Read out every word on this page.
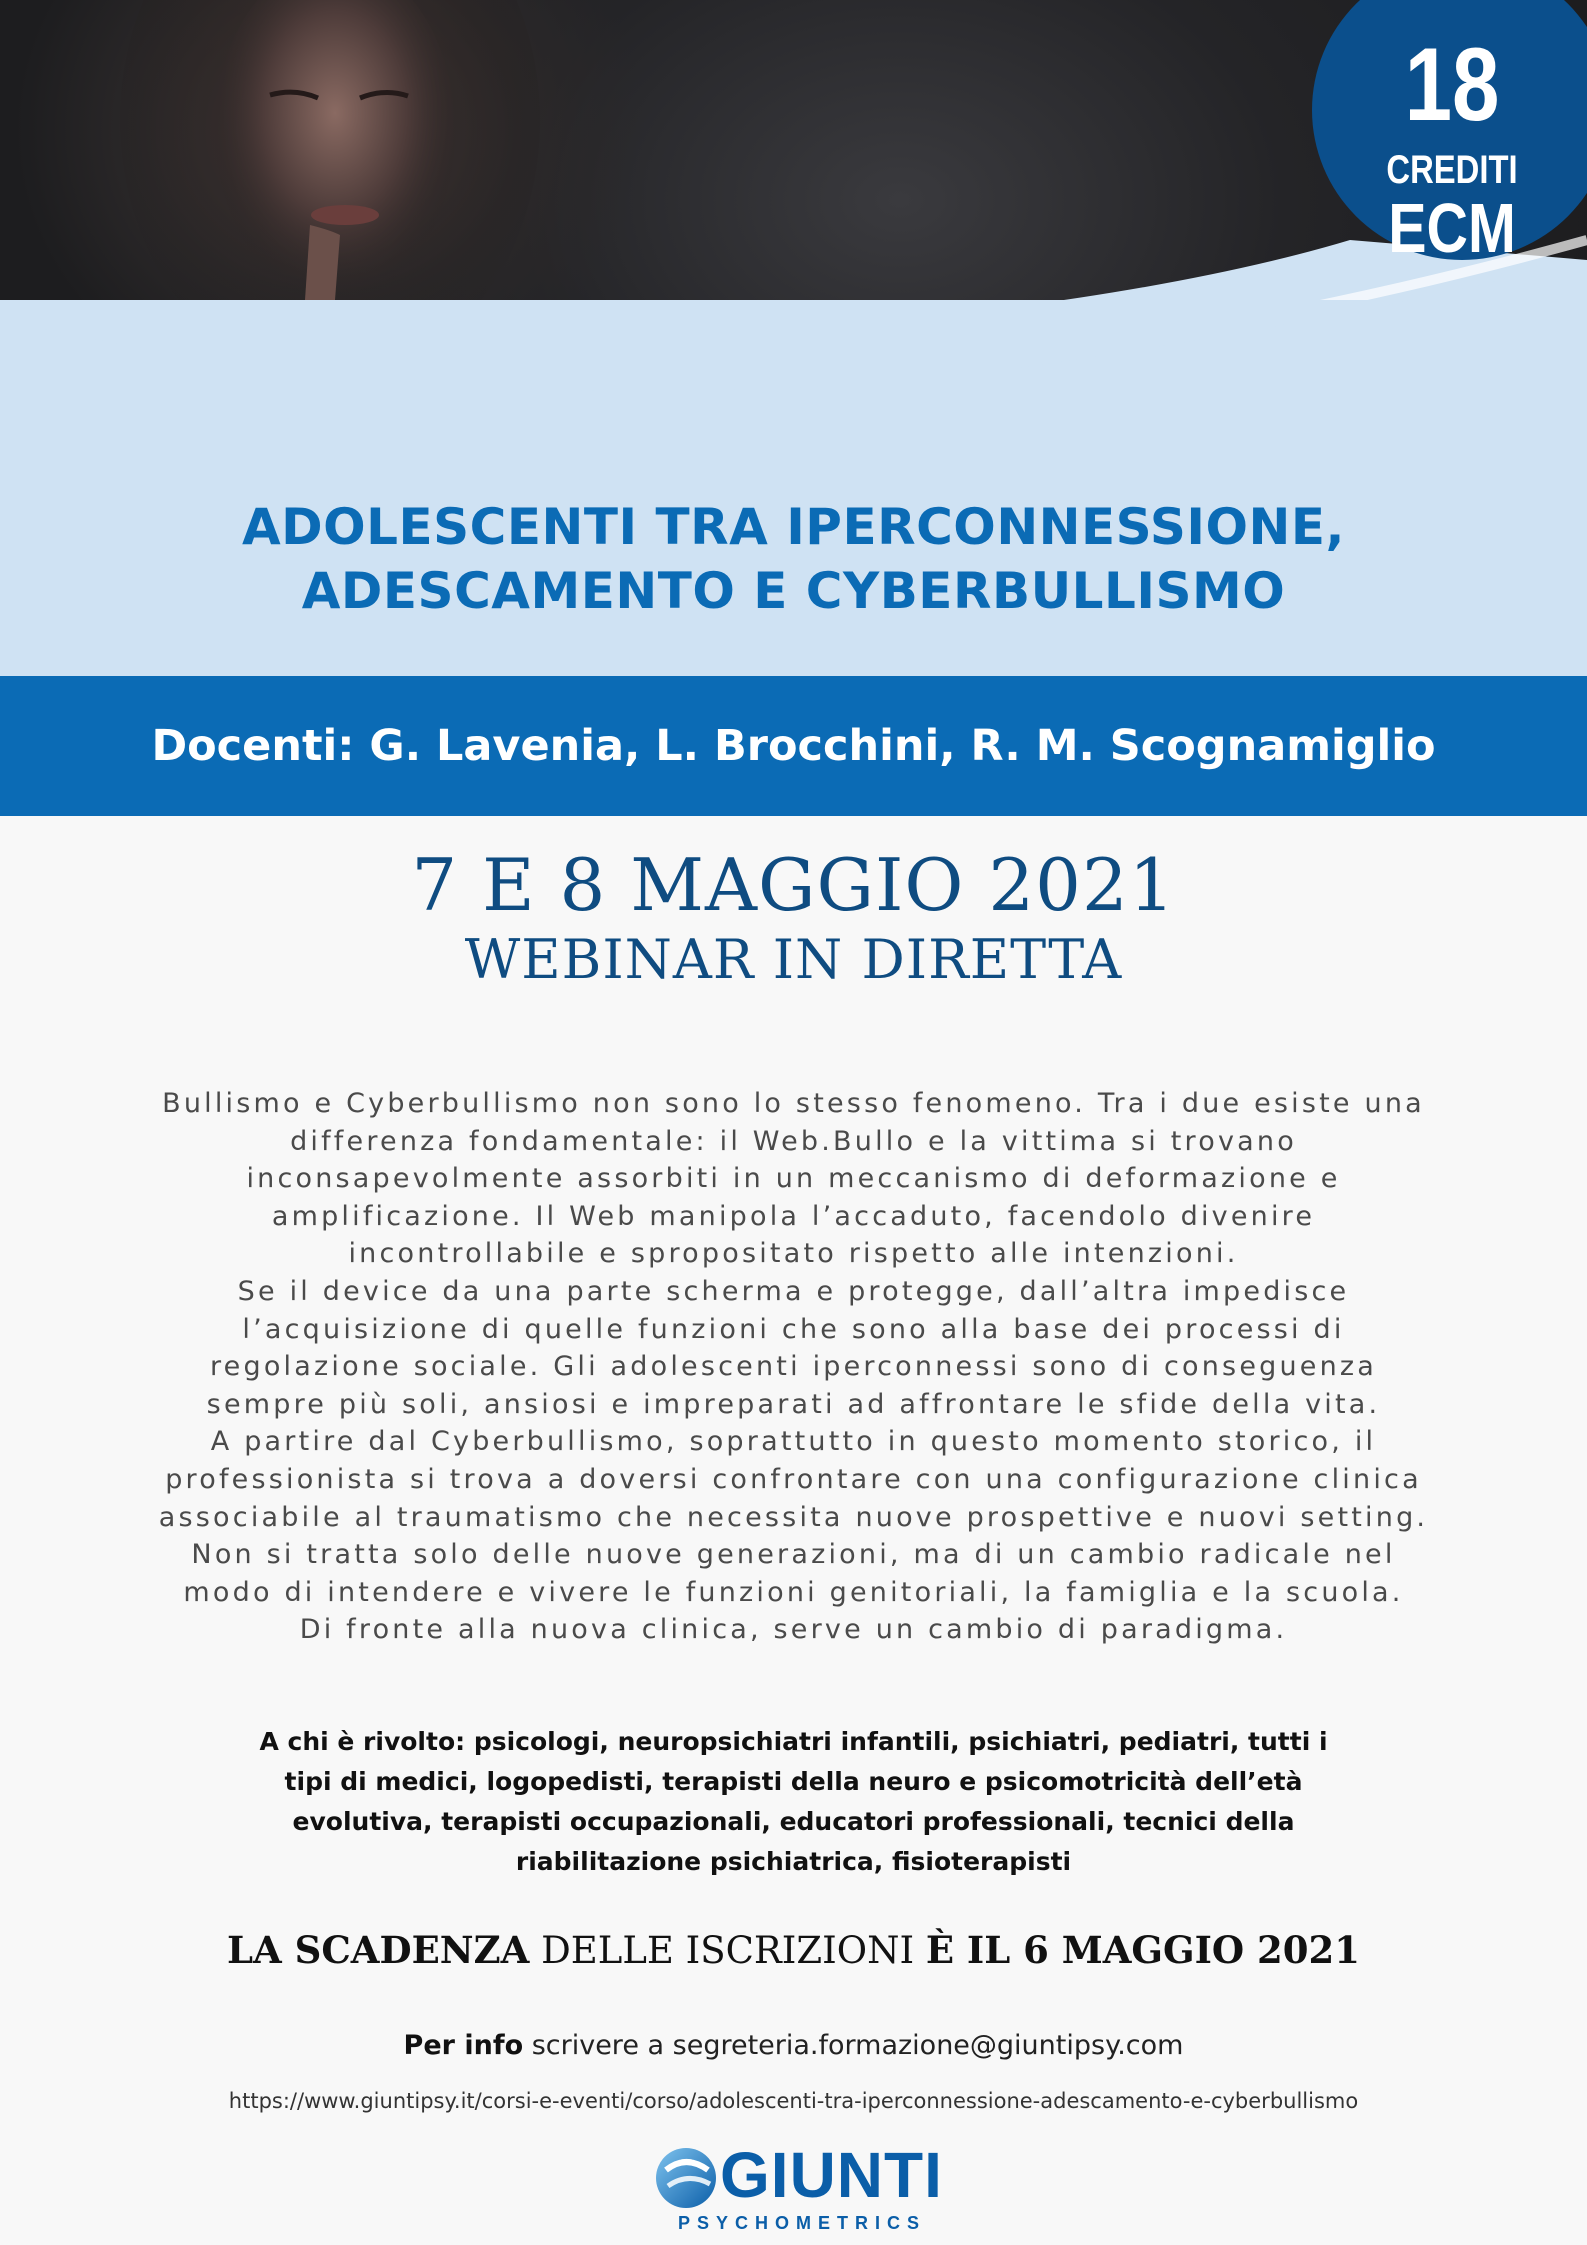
ADOLESCENTI TRA IPERCONNESSIONE,
ADESCAMENTO E CYBERBULLISMO
18
CREDITI
ECM
Docenti: G. Lavenia, L. Brocchini, R. M. Scognamiglio
7 E 8 MAGGIO 2021
WEBINAR IN DIRETTA
Bullismo e Cyberbullismo non sono lo stesso fenomeno. Tra i due esiste una
differenza fondamentale: il Web.Bullo e la vittima si trovano
inconsapevolmente assorbiti in un meccanismo di deformazione e
amplificazione. Il Web manipola l’accaduto, facendolo divenire
incontrollabile e spropositato rispetto alle intenzioni.
Se il device da una parte scherma e protegge, dall’altra impedisce
l’acquisizione di quelle funzioni che sono alla base dei processi di
regolazione sociale. Gli adolescenti iperconnessi sono di conseguenza
sempre più soli, ansiosi e impreparati ad affrontare le sfide della vita.
A partire dal Cyberbullismo, soprattutto in questo momento storico, il
professionista si trova a doversi confrontare con una configurazione clinica
associabile al traumatismo che necessita nuove prospettive e nuovi setting.
Non si tratta solo delle nuove generazioni, ma di un cambio radicale nel
modo di intendere e vivere le funzioni genitoriali, la famiglia e la scuola.
Di fronte alla nuova clinica, serve un cambio di paradigma.
A chi è rivolto: psicologi, neuropsichiatri infantili, psichiatri, pediatri, tutti i
tipi di medici, logopedisti, terapisti della neuro e psicomotricità dell’età
evolutiva, terapisti occupazionali, educatori professionali, tecnici della
riabilitazione psichiatrica, fisioterapisti
LA SCADENZA DELLE ISCRIZIONI È IL 6 MAGGIO 2021
Per info scrivere a segreteria.formazione@giuntipsy.com
https://www.giuntipsy.it/corsi-e-eventi/corso/adolescenti-tra-iperconnessione-adescamento-e-cyberbullismo
GIUNTI
PSYCHOMETRICS
